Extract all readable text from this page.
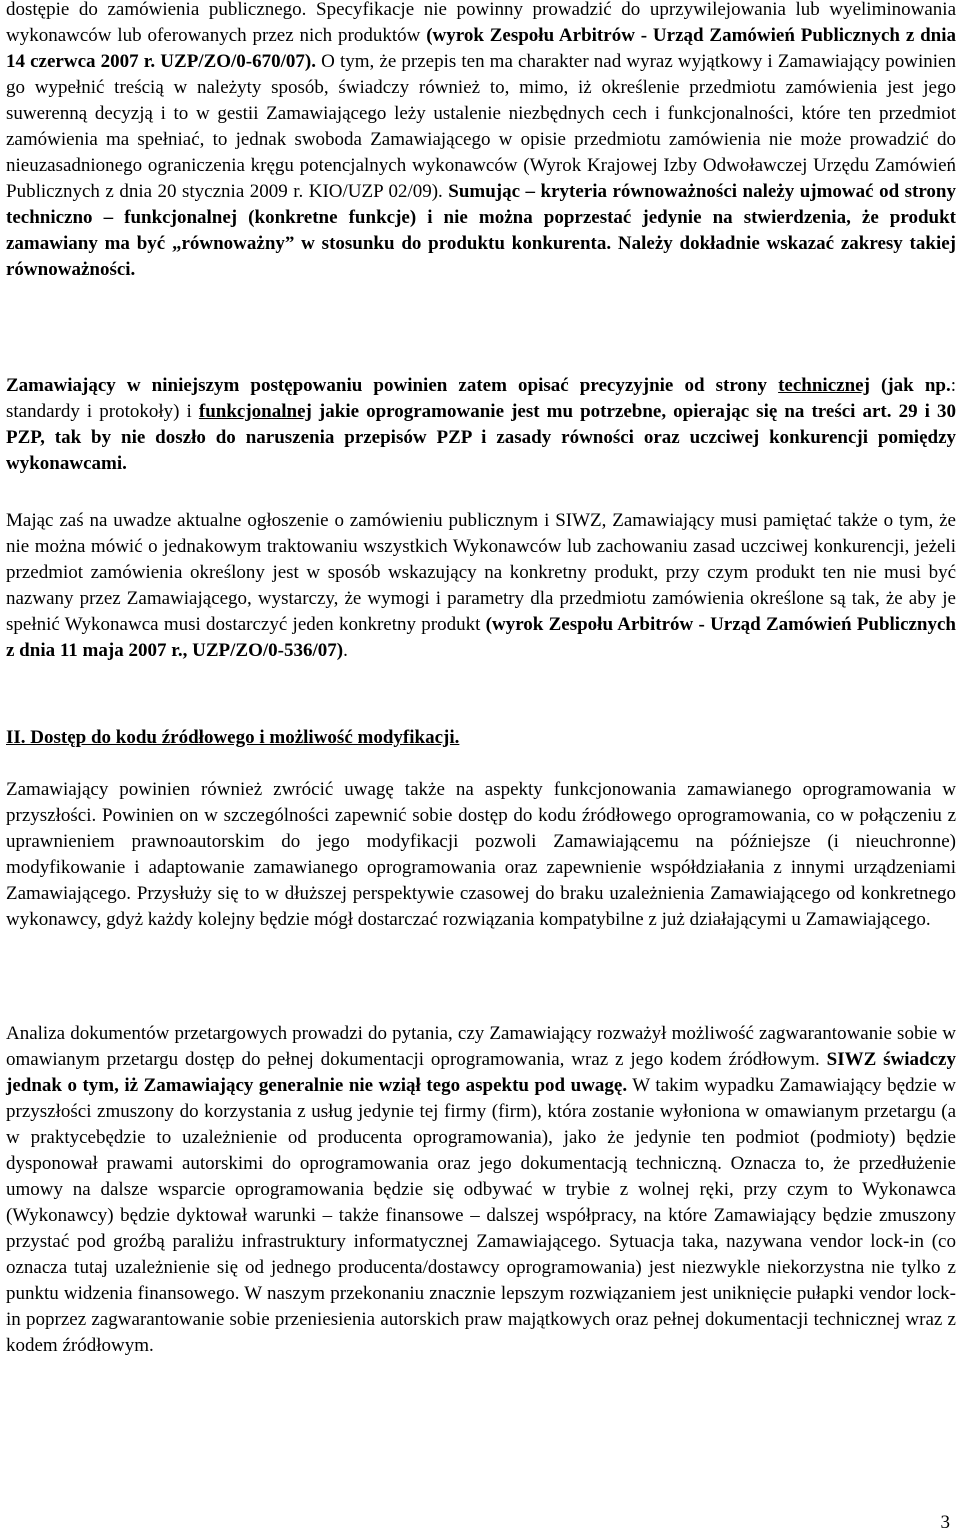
dostępie do zamówienia publicznego. Specyfikacje nie powinny prowadzić do uprzywilejowania lub wyeliminowania wykonawców lub oferowanych przez nich produktów (wyrok Zespołu Arbitrów - Urząd Zamówień Publicznych z dnia 14 czerwca 2007 r. UZP/ZO/0-670/07). O tym, że przepis ten ma charakter nad wyraz wyjątkowy i Zamawiający powinien go wypełnić treścią w należyty sposób, świadczy również to, mimo, iż określenie przedmiotu zamówienia jest jego suwerenną decyzją i to w gestii Zamawiającego leży ustalenie niezbędnych cech i funkcjonalności, które ten przedmiot zamówienia ma spełniać, to jednak swoboda Zamawiającego w opisie przedmiotu zamówienia nie może prowadzić do nieuzasadnionego ograniczenia kręgu potencjalnych wykonawców (Wyrok Krajowej Izby Odwoławczej Urzędu Zamówień Publicznych z dnia 20 stycznia 2009 r. KIO/UZP 02/09). Sumując – kryteria równoważności należy ujmować od strony techniczno – funkcjonalnej (konkretne funkcje) i nie można poprzestać jedynie na stwierdzenia, że produkt zamawiany ma być „równoważny” w stosunku do produktu konkurenta. Należy dokładnie wskazać zakresy takiej równoważności.

Zamawiający w niniejszym postępowaniu powinien zatem opisać precyzyjnie od strony technicznej (jak np.: standardy i protokoły) i funkcjonalnej jakie oprogramowanie jest mu potrzebne, opierając się na treści art. 29 i 30 PZP, tak by nie doszło do naruszenia przepisów PZP i zasady równości oraz uczciwej konkurencji pomiędzy wykonawcami.

Mając zaś na uwadze aktualne ogłoszenie o zamówieniu publicznym i SIWZ, Zamawiający musi pamiętać także o tym, że nie można mówić o jednakowym traktowaniu wszystkich Wykonawców lub zachowaniu zasad uczciwej konkurencji, jeżeli przedmiot zamówienia określony jest w sposób wskazujący na konkretny produkt, przy czym produkt ten nie musi być nazwany przez Zamawiającego, wystarczy, że wymogi i parametry dla przedmiotu zamówienia określone są tak, że aby je spełnić Wykonawca musi dostarczyć jeden konkretny produkt (wyrok Zespołu Arbitrów - Urząd Zamówień Publicznych z dnia 11 maja 2007 r., UZP/ZO/0-536/07).

II. Dostęp do kodu źródłowego i możliwość modyfikacji.

Zamawiający powinien również zwrócić uwagę także na aspekty funkcjonowania zamawianego oprogramowania w przyszłości. Powinien on w szczególności zapewnić sobie dostęp do kodu źródłowego oprogramowania, co w połączeniu z uprawnieniem prawnoautorskim do jego modyfikacji pozwoli Zamawiającemu na późniejsze (i nieuchronne) modyfikowanie i adaptowanie zamawianego oprogramowania oraz zapewnienie współdziałania z innymi urządzeniami Zamawiającego. Przysłuży się to w dłuższej perspektywie czasowej do braku uzależnienia Zamawiającego od konkretnego wykonawcy, gdyż każdy kolejny będzie mógł dostarczać rozwiązania kompatybilne z już działającymi u Zamawiającego.

Analiza dokumentów przetargowych prowadzi do pytania, czy Zamawiający rozważył możliwość zagwarantowanie sobie w omawianym przetargu dostęp do pełnej dokumentacji oprogramowania, wraz z jego kodem źródłowym. SIWZ świadczy jednak o tym, iż Zamawiający generalnie nie wziął tego aspektu pod uwagę. W takim wypadku Zamawiający będzie w przyszłości zmuszony do korzystania z usług jedynie tej firmy (firm), która zostanie wyłoniona w omawianym przetargu (a w praktycebędzie to uzależnienie od producenta oprogramowania), jako że jedynie ten podmiot (podmioty) będzie dysponował prawami autorskimi do oprogramowania oraz jego dokumentacją techniczną. Oznacza to, że przedłużenie umowy na dalsze wsparcie oprogramowania będzie się odbywać w trybie z wolnej ręki, przy czym to Wykonawca (Wykonawcy) będzie dyktował warunki – także finansowe – dalszej współpracy, na które Zamawiający będzie zmuszony przystać pod groźbą paraliżu infrastruktury informatycznej Zamawiającego. Sytuacja taka, nazywana vendor lock-in (co oznacza tutaj uzależnienie się od jednego producenta/dostawcy oprogramowania) jest niezwykle niekorzystna nie tylko z punktu widzenia finansowego. W naszym przekonaniu znacznie lepszym rozwiązaniem jest uniknięcie pułapki vendor lock-in poprzez zagwarantowanie sobie przeniesienia autorskich praw majątkowych oraz pełnej dokumentacji technicznej wraz z kodem źródłowym.

3
